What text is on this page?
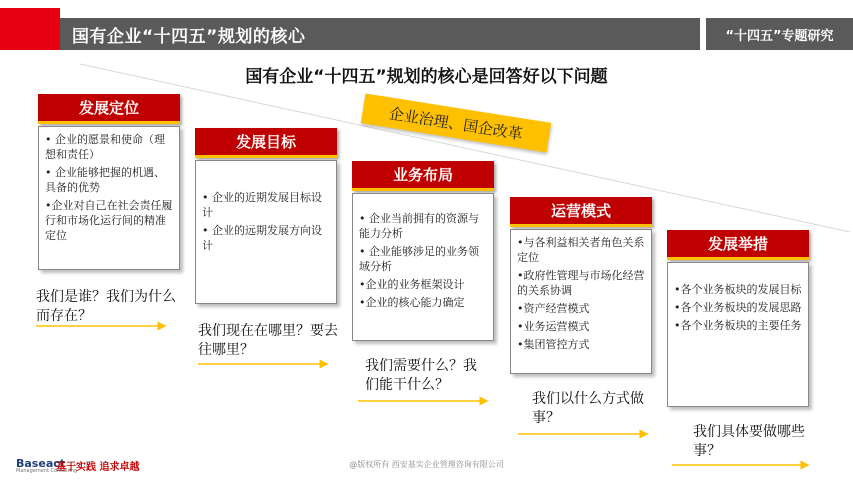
国有企业“十四五”规划的核心	“十四五”专题研究
国有企业“十四五”规划的核心是回答好以下问题
企业治理、国企改革
发展定位
• 企业的愿景和使命（理想和责任）
• 企业能够把握的机遇、具备的优势
•企业对自己在社会责任履行和市场化运行间的精准定位
我们是谁？我们为什么而存在？
发展目标
• 企业的近期发展目标设计
• 企业的远期发展方向设计
我们现在在哪里？要去往哪里？
业务布局
• 企业当前拥有的资源与能力分析
• 企业能够涉足的业务领域分析
•企业的业务框架设计
•企业的核心能力确定
我们需要什么？我们能干什么？
运营模式
•与各利益相关者角色关系定位
•政府性管理与市场化经营的关系协调
•资产经营模式
•业务运营模式
•集团管控方式
我们以什么方式做事？
发展举措
•各个业务板块的发展目标
•各个业务板块的发展思路
•各个业务板块的主要任务
我们具体要做哪些事？
Baseact
Management Consulting
基于实践 追求卓越	@版权所有 西安基实企业管理咨询有限公司
